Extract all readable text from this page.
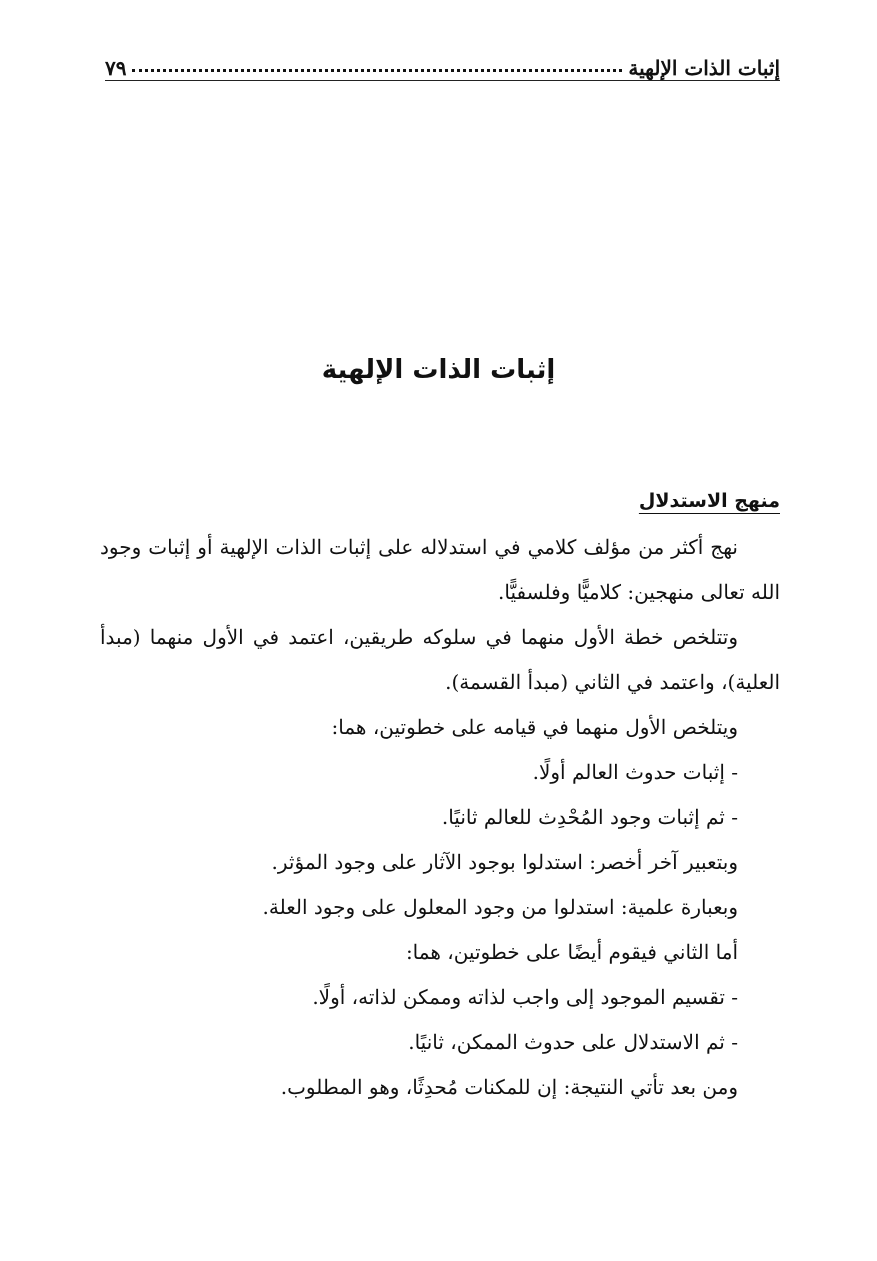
إثبات الذات الإلهية
٧٩
إثبات الذات الإلهية
منهج الاستدلال

نهج أكثر من مؤلف كلامي في استدلاله على إثبات الذات الإلهية أو إثبات وجود الله تعالى منهجين: كلاميًّا وفلسفيًّا.

وتتلخص خطة الأول منهما في سلوكه طريقين، اعتمد في الأول منهما (مبدأ العلية)، واعتمد في الثاني (مبدأ القسمة).

ويتلخص الأول منهما في قيامه على خطوتين، هما:

- إثبات حدوث العالم أولًا.

- ثم إثبات وجود المُحْدِث للعالم ثانيًا.

وبتعبير آخر أخصر: استدلوا بوجود الآثار على وجود المؤثر.

وبعبارة علمية: استدلوا من وجود المعلول على وجود العلة.

أما الثاني فيقوم أيضًا على خطوتين، هما:

- تقسيم الموجود إلى واجب لذاته وممكن لذاته، أولًا.

- ثم الاستدلال على حدوث الممكن، ثانيًا.

ومن بعد تأتي النتيجة: إن للمكنات مُحدِثًا، وهو المطلوب.
